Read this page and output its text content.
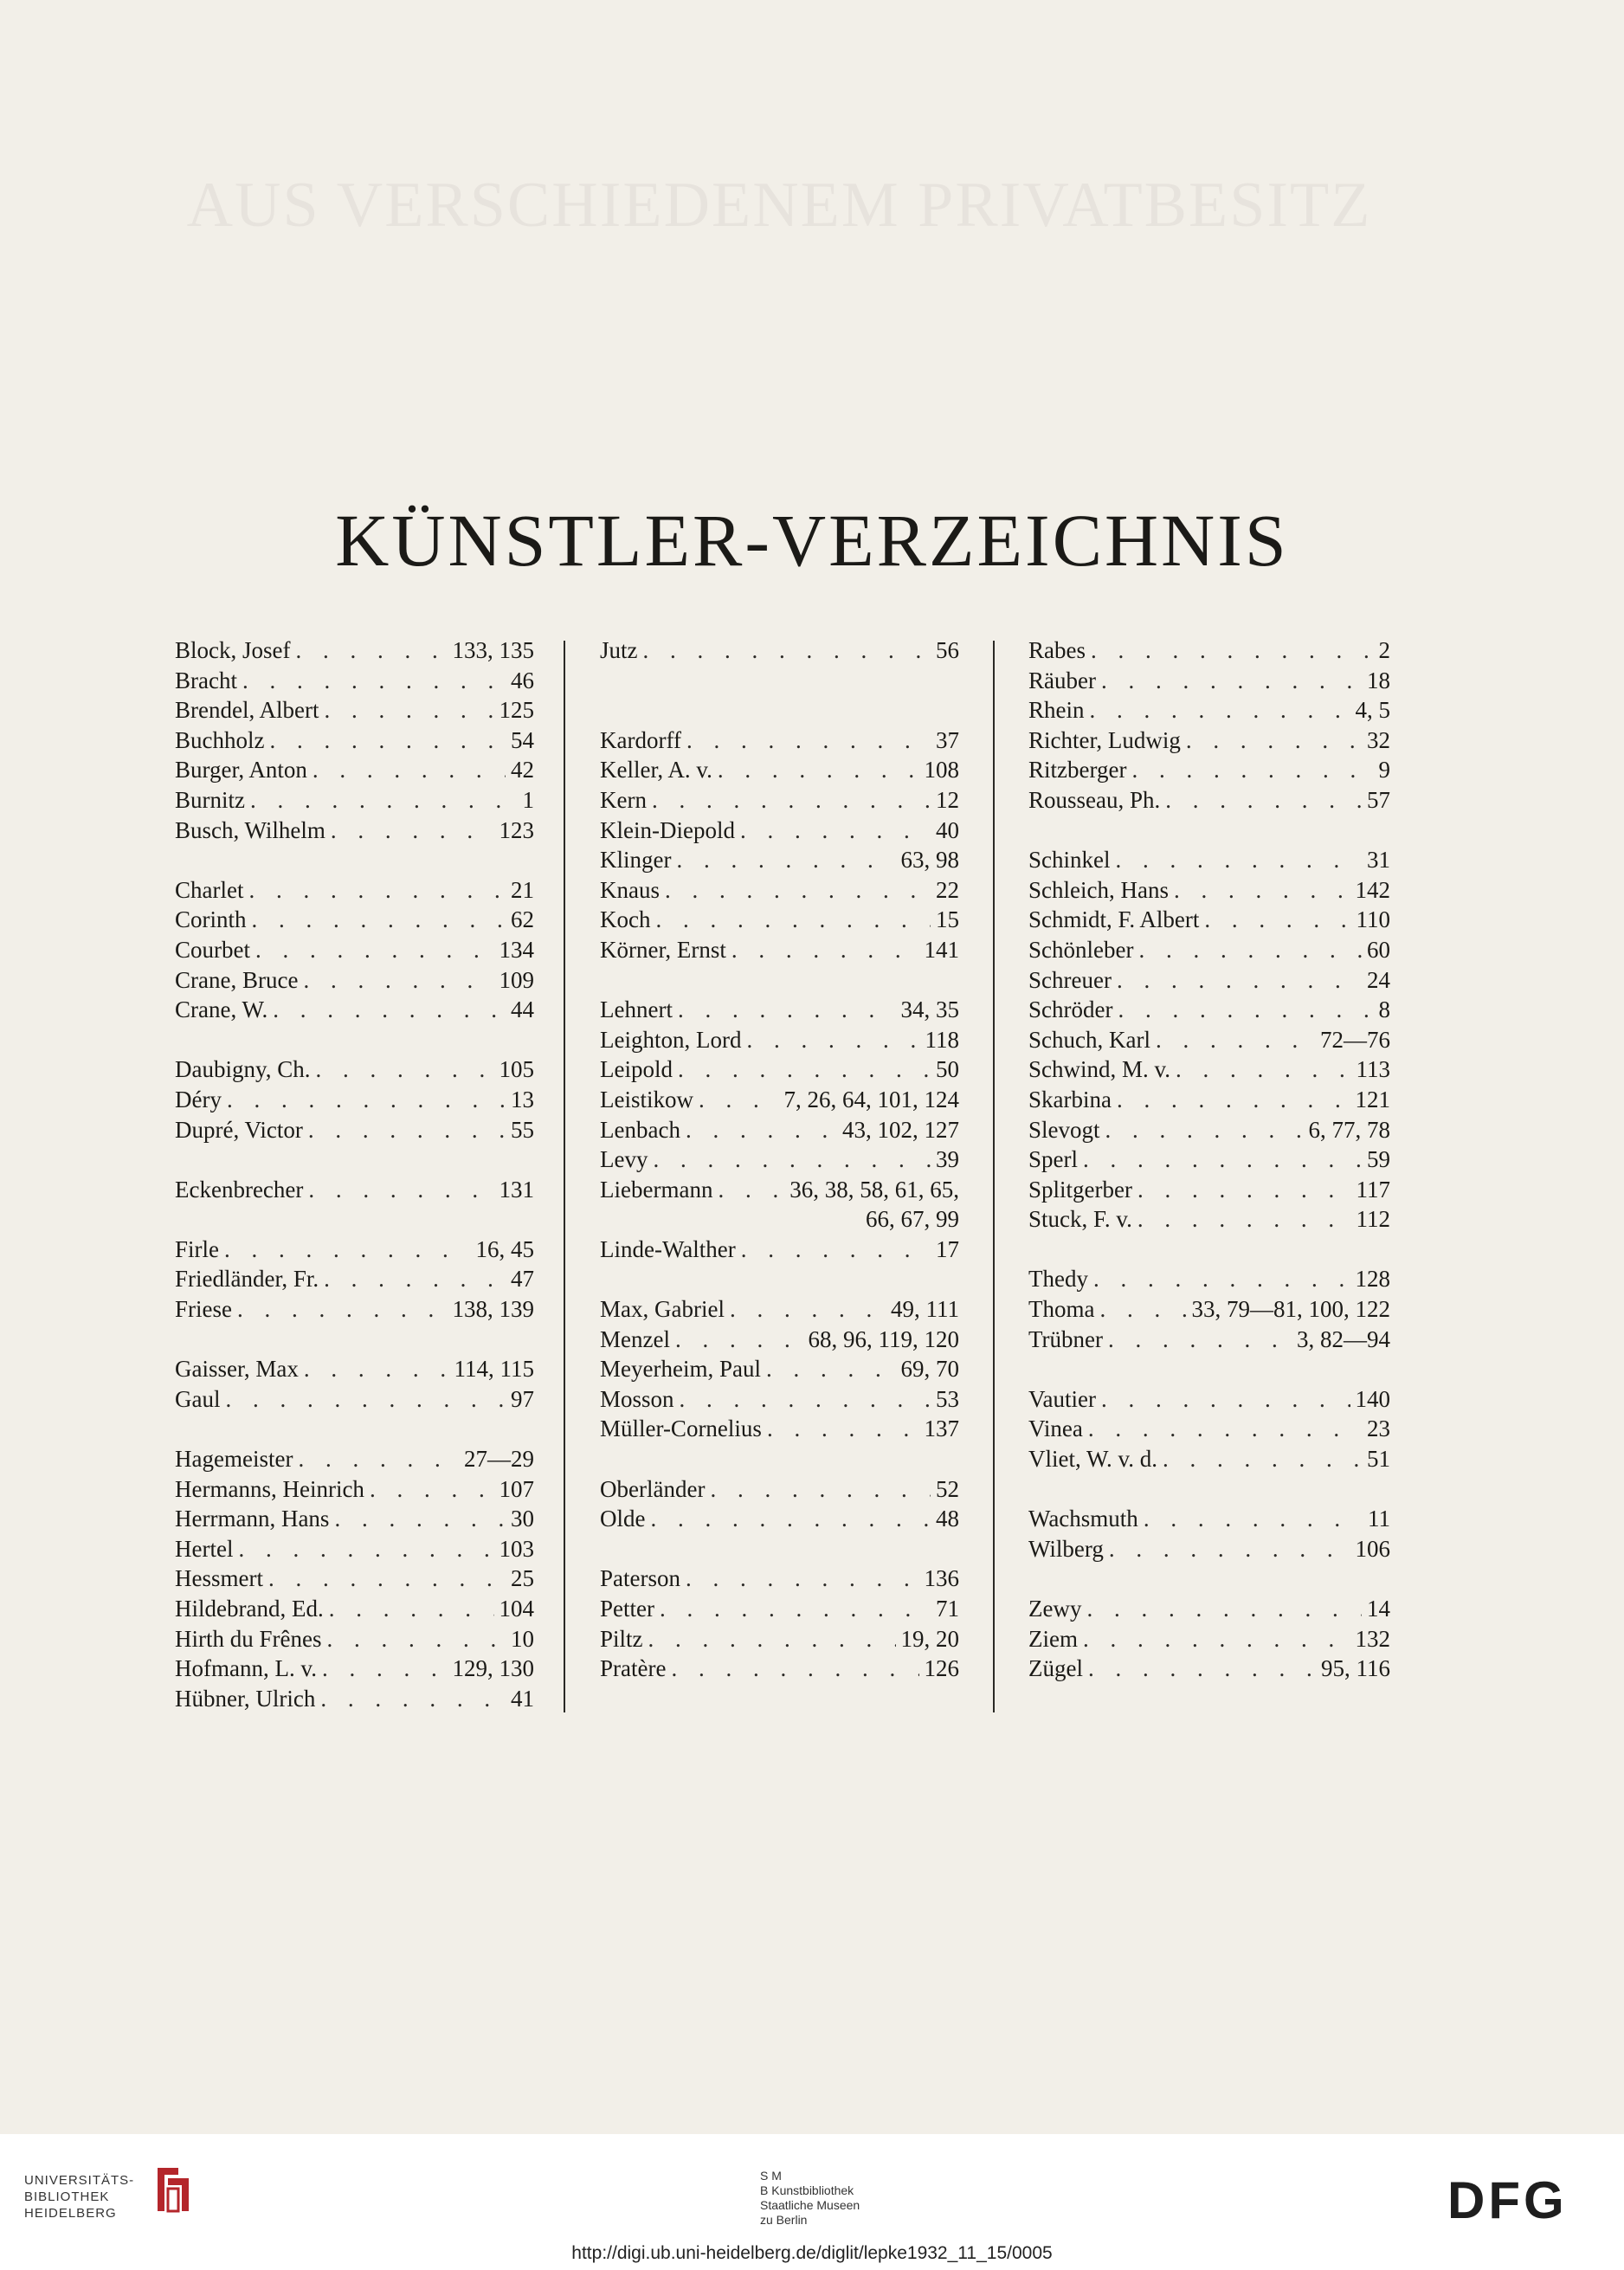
AUS VERSCHIEDENEM PRIVATBESITZ
KÜNSTLER-VERZEICHNIS
Block, Josef . . .	133, 135
Bracht . . .	46
Brendel, Albert . . .	125
Buchholz . . .	54
Burger, Anton . . .	42
Burnitz . . .	1
Busch, Wilhelm . . .	123
Charlet . . .	21
Corinth . . .	62
Courbet . . .	134
Crane, Bruce . . .	109
Crane, W. . . .	44
Daubigny, Ch. . . .	105
Déry . . .	13
Dupré, Victor . . .	55
Eckenbrecher . . .	131
Firle . . .	16, 45
Friedländer, Fr. . . .	47
Friese . . .	138, 139
Gaisser, Max . . .	114, 115
Gaul . . .	97
Hagemeister . . .	27—29
Hermanns, Heinrich . . .	107
Herrmann, Hans . . .	30
Hertel . . .	103
Hessmert . . .	25
Hildebrand, Ed. . . .	104
Hirth du Frênes . . .	10
Hofmann, L. v. . . .	129, 130
Hübner, Ulrich . . .	41
Jutz . . .	56
Kardorff . . .	37
Keller, A. v. . . .	108
Kern . . .	12
Klein-Diepold . . .	40
Klinger . . .	63, 98
Knaus . . .	22
Koch . . .	15
Körner, Ernst . . .	141
Lehnert . . .	34, 35
Leighton, Lord . . .	118
Leipold . . .	50
Leistikow . . .	7, 26, 64, 101, 124
Lenbach . . .	43, 102, 127
Levy . . .	39
Liebermann . . .	36, 38, 58, 61, 65,
66, 67, 99
Linde-Walther . . .	17
Max, Gabriel . . .	49, 111
Menzel . . .	68, 96, 119, 120
Meyerheim, Paul . . .	69, 70
Mosson . . .	53
Müller-Cornelius . . .	137
Oberländer . . .	52
Olde . . .	48
Paterson . . .	136
Petter . . .	71
Piltz . . .	19, 20
Pratère . . .	126
Rabes . . .	2
Räuber . . .	18
Rhein . . .	4, 5
Richter, Ludwig . . .	32
Ritzberger . . .	9
Rousseau, Ph. . . .	57
Schinkel . . .	31
Schleich, Hans . . .	142
Schmidt, F. Albert . . .	110
Schönleber . . .	60
Schreuer . . .	24
Schröder . . .	8
Schuch, Karl . . .	72—76
Schwind, M. v. . . .	113
Skarbina . . .	121
Slevogt . . .	6, 77, 78
Sperl . . .	59
Splitgerber . . .	117
Stuck, F. v. . . .	112
Thedy . . .	128
Thoma . . .	33, 79—81, 100, 122
Trübner . . .	3, 82—94
Vautier . . .	140
Vinea . . .	23
Vliet, W. v. d. . . .	51
Wachsmuth . . .	11
Wilberg . . .	106
Zewy . . .	14
Ziem . . .	132
Zügel . . .	95, 116
UNIVERSITÄTS-
BIBLIOTHEK
HEIDELBERG
S M
B Kunstbibliothek
Staatliche Museen
zu Berlin	DFG
http://digi.ub.uni-heidelberg.de/diglit/lepke1932_11_15/0005
